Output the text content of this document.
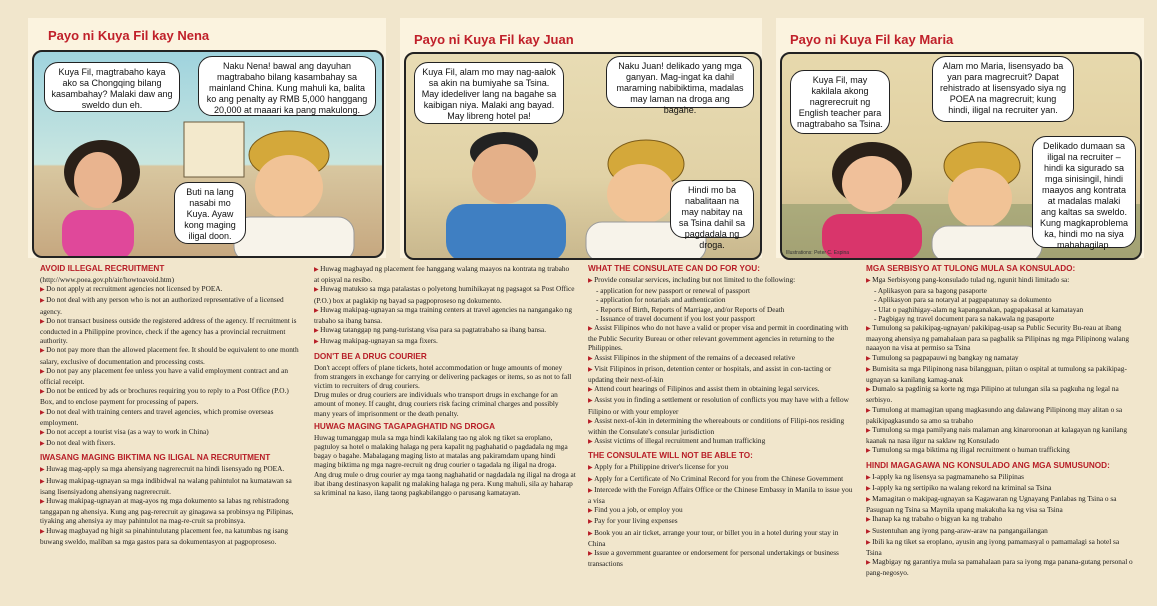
Payo ni Kuya Fil kay Nena
Kuya Fil, magtrabaho kaya ako sa Chongqing bilang kasambahay? Malaki daw ang sweldo dun eh.
Naku Nena! bawal ang dayuhan magtrabaho bilang kasambahay sa mainland China. Kung mahuli ka, balita ko ang penalty ay RMB 5,000 hanggang 20,000 at maaari ka pang makulong.
Buti na lang nasabi mo Kuya. Ayaw kong maging iligal doon.
Payo ni Kuya Fil kay Juan
Kuya Fil, alam mo may nag-aalok sa akin na bumiyahe sa Tsina. May idedeliver lang na bagahe sa kaibigan niya. Malaki ang bayad. May libreng hotel pa!
Naku Juan! delikado yang mga ganyan. Mag-ingat ka dahil maraming nabibiktima, madalas may laman na droga ang bagahe.
Hindi mo ba nabalitaan na may nabitay na sa Tsina dahil sa pagdadala ng droga.
Payo ni Kuya Fil kay Maria
Kuya Fil, may kakilala akong nagrerecruit ng English teacher para magtrabaho sa Tsina.
Alam mo Maria, lisensyado ba yan para magrecruit? Dapat rehistrado at lisensyado siya ng POEA na magrecruit; kung hindi, iligal na recruiter yan.
Delikado dumaan sa iligal na recruiter – hindi ka sigurado sa mga sinisingil, hindi maayos ang kontrata at madalas malaki ang kaltas sa sweldo. Kung magkaproblema ka, hindi mo na siya mahahagilap.
Illustrations: Peter C. Espina
AVOID ILLEGAL RECRUITMENT

(http://www.poea.gov.ph/air/howtoavoid.htm)

▶ Do not apply at recruitment agencies not licensed by POEA.

▶ Do not deal with any person who is not an authorized representative of a licensed agency.

▶ Do not transact business outside the registered address of the agency. If recruitment is conducted in a Philippine province, check if the agency has a provincial recruitment authority.

▶ Do not pay more than the allowed placement fee. It should be equivalent to one month salary, exclusive of documentation and processing costs.

▶ Do not pay any placement fee unless you have a valid employment contract and an official receipt.

▶ Do not be enticed by ads or brochures requiring you to reply to a Post Office (P.O.) Box, and to enclose payment for processing of papers.

▶ Do not deal with training centers and travel agencies, which promise overseas employment.

▶ Do not accept a tourist visa (as a way to work in China)

▶ Do not deal with fixers.

IWASANG MAGING BIKTIMA NG ILIGAL NA RECRUITMENT

▶ Huwag mag-apply sa mga ahensiyang nagrerecruit na hindi lisensyado ng POEA.

▶ Huwag makipag-ugnayan sa mga indibidwal na walang pahintulot na kumatawan sa isang lisensiyadong ahensiyang nagrerecruit.

▶ Huwag makipag-ugnayan at mag-ayos ng mga dokumento sa labas ng rehistradong tanggapan ng ahensiya. Kung ang pag-rerecruit ay ginagawa sa probinsya ng Pilipinas, tiyaking ang ahensiya ay may pahintulot na mag-re-cruit sa probinsya.

▶ Huwag magbayad ng higit sa pinahintulutang placement fee, na katumbas ng isang buwang sweldo, maliban sa mga gastos para sa dokumentasyon at pagpoproseso.

▶ Huwag magbayad ng placement fee hanggang walang maayos na kontrata ng trabaho at opisyal na resibo.

▶ Huwag matukso sa mga patalastas o polyetong humihikayat ng pagsagot sa Post Office (P.O.) box at paglakip ng bayad sa pagpoproseso ng dokumento.

▶ Huwag makipag-ugnayan sa mga training centers at travel agencies na nangangako ng trabaho sa ibang bansa.

▶ Huwag tatanggap ng pang-turistang visa para sa pagtatrabaho sa ibang bansa.

▶ Huwag makipag-ugnayan sa mga fixers.

DON'T BE A DRUG COURIER

Don't accept offers of plane tickets, hotel accommodation or huge amounts of money from strangers in exchange for carrying or delivering packages or items, so as not to fall victim to recruiters of drug couriers.

Drug mules or drug couriers are individuals who transport drugs in exchange for an amount of money. If caught, drug couriers risk facing criminal charges and possibly many years of imprisonment or the death penalty.

HUWAG MAGING TAGAPAGHATID NG DROGA

Huwag tumanggap mula sa mga hindi kakilalang tao ng alok ng tiket sa eroplano, pagtuloy sa hotel o malaking halaga ng pera kapalit ng paghahatid o pagdadala ng mga bagay o bagahe. Mabalagang maging listo at matalas ang pakiramdam upang hindi maging biktima ng mga nagre-recruit ng drug courier o tagadala ng iligal na droga.

Ang drug mule o drug courier ay mga taong naghahatid or nagdadala ng iligal na droga at ibat ibang destinasyon kapalit ng malaking halaga ng pera. Kung mahuli, sila ay haharap sa kriminal na kaso, ilang taong pagkabilanggo o parusang kamatayan.

WHAT THE CONSULATE CAN DO FOR YOU:

▶ Provide consular services, including but not limited to the following:

- application for new passport or renewal of passport

- application for notarials and authentication

- Reports of Birth, Reports of Marriage, and/or Reports of Death

- Issuance of travel document if you lost your passport

▶ Assist Filipinos who do not have a valid or proper visa and permit in coordinating with the Public Security Bureau or other relevant government agencies in returning to the Philippines.

▶ Assist Filipinos in the shipment of the remains of a deceased relative

▶ Visit Filipinos in prison, detention center or hospitals, and assist in con-tacting or updating their next-of-kin

▶ Attend court hearings of Filipinos and assist them in obtaining legal services.

▶ Assist you in finding a settlement or resolution of conflicts you may have with a fellow Filipino or with your employer

▶ Assist next-of-kin in determining the whereabouts or conditions of Filipi-nos residing within the Consulate's consular jurisdiction

▶ Assist victims of illegal recruitment and human trafficking

THE CONSULATE WILL NOT BE ABLE TO:

▶ Apply for a Philippine driver's license for you

▶ Apply for a Certificate of No Criminal Record for you from the Chinese Government

▶ Intercede with the Foreign Affairs Office or the Chinese Embassy in Manila to issue you a visa

▶ Find you a job, or employ you

▶ Pay for your living expenses

▶ Book you an air ticket, arrange your tour, or billet you in a hotel during your stay in China

▶ Issue a government guarantee or endorsement for personal undertakings or business transactions

MGA SERBISYO AT TULONG MULA SA KONSULADO:

▶ Mga Serbisyong pang-konsulado tulad ng, ngunit hindi limitado sa:

- Aplikasyon para sa bagong pasaporte

- Aplikasyon para sa notaryal at pagpapatunay sa dokumento

- Ulat o paghihigay-alam ng kapanganakan, pagpapakasal at kamatayan

- Pagbigay ng travel document para sa nakawala ng pasaporte

▶ Tumulong sa pakikipag-ugnayan/ pakikipag-usap sa Public Security Bu-reau at ibang maayong ahensiya ng pamahalaan para sa pagbalik sa Pilipinas ng mga Pilipinong walang naaayon na visa at permiso sa Tsina

▶ Tumulong sa pagpapauwi ng bangkay ng namatay

▶ Bumisita sa mga Pilipinong nasa bilangguan, piitan o ospital at tumulong sa pakikipag-ugnayan sa kanilang kamag-anak

▶ Dumalo sa pagdinig sa korte ng mga Pilipino at tulungan sila sa pagkuha ng legal na serbisyo.

▶ Tumulong at mamagitan upang magkasundo ang dalawang Pilipinong may alitan o sa pakikipagkasundo sa amo sa trabaho

▶ Tumulong sa mga pamilyang nais malaman ang kinaroroonan at kalagayan ng kanilang kaanak na nasa ilgur na saklaw ng Konsulado

▶ Tumulong sa mga biktima ng iligal recruitment o human trafficking

HINDI MAGAGAWA NG KONSULADO ANG MGA SUMUSUNOD:

▶ I-apply ka ng lisensya sa pagmamaneho sa Pilipinas

▶ I-apply ka ng sertipiko na walang rekord na kriminal sa Tsina

▶ Mamagitan o makipag-ugnayan sa Kagawaran ng Ugnayang Panlabas ng Tsina o sa Pasuguan ng Tsina sa Maynila upang makakuha ka ng visa sa Tsina

▶ Ihanap ka ng trabaho o bigyan ka ng trabaho

▶ Sustentuhan ang iyong pang-araw-araw na pangangailangan

▶ Ibili ka ng tiket sa eroplano, ayusin ang iyong pamamasyal o pamamalagi sa hotel sa Tsina

▶ Magbigay ng garantiya mula sa pamahalaan para sa iyong mga panana-gutang personal o pang-negosyo.
